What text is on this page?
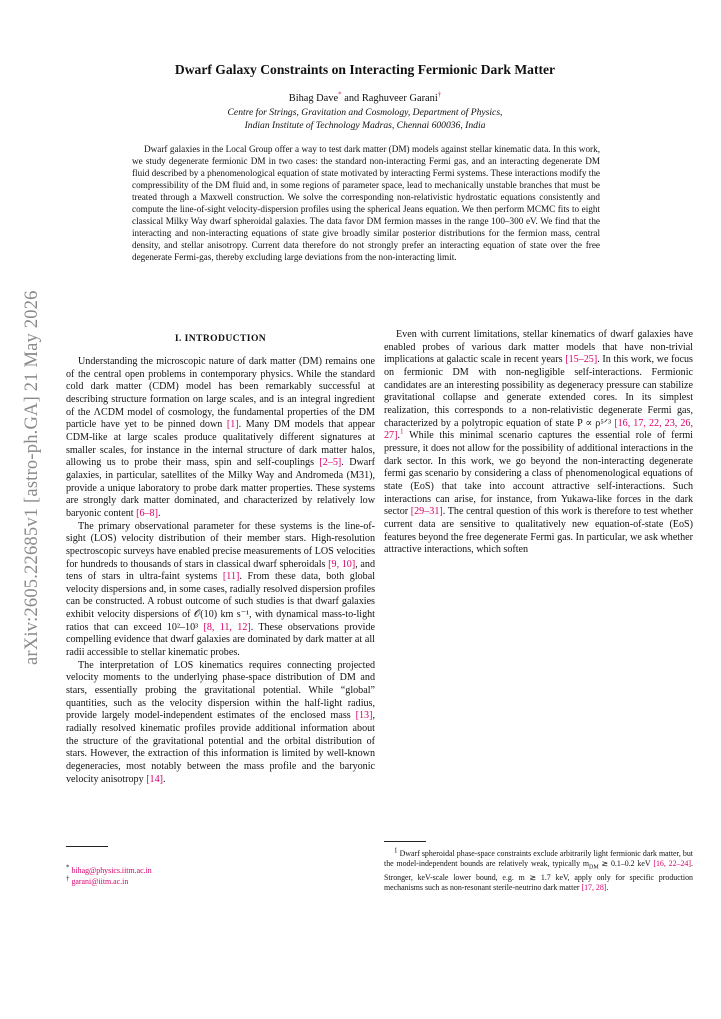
arXiv:2605.22685v1 [astro-ph.GA] 21 May 2026
Dwarf Galaxy Constraints on Interacting Fermionic Dark Matter
Bihag Dave* and Raghuveer Garani†
Centre for Strings, Gravitation and Cosmology, Department of Physics,
Indian Institute of Technology Madras, Chennai 600036, India
Dwarf galaxies in the Local Group offer a way to test dark matter (DM) models against stellar kinematic data. In this work, we study degenerate fermionic DM in two cases: the standard non-interacting Fermi gas, and an interacting degenerate DM fluid described by a phenomenological equation of state motivated by interacting Fermi systems. These interactions modify the compressibility of the DM fluid and, in some regions of parameter space, lead to mechanically unstable branches that must be treated through a Maxwell construction. We solve the corresponding non-relativistic hydrostatic equations consistently and compute the line-of-sight velocity-dispersion profiles using the spherical Jeans equation. We then perform MCMC fits to eight classical Milky Way dwarf spheroidal galaxies. The data favor DM fermion masses in the range 100–300 eV. We find that the interacting and non-interacting equations of state give broadly similar posterior distributions for the fermion mass, central density, and stellar anisotropy. Current data therefore do not strongly prefer an interacting equation of state over the free degenerate Fermi-gas, thereby excluding large deviations from the non-interacting limit.
I. INTRODUCTION

Understanding the microscopic nature of dark matter (DM) remains one of the central open problems in contemporary physics. While the standard cold dark matter (CDM) model has been remarkably successful at describing structure formation on large scales, and is an integral ingredient of the ΛCDM model of cosmology, the fundamental properties of the DM particle have yet to be pinned down [1]. Many DM models that appear CDM-like at large scales produce qualitatively different signatures at smaller scales, for instance in the internal structure of dark matter halos, allowing us to probe their mass, spin and self-couplings [2–5]. Dwarf galaxies, in particular, satellites of the Milky Way and Andromeda (M31), provide a unique laboratory to probe dark matter properties. These systems are strongly dark matter dominated, and characterized by relatively low baryonic content [6–8].

The primary observational parameter for these systems is the line-of-sight (LOS) velocity distribution of their member stars. High-resolution spectroscopic surveys have enabled precise measurements of LOS velocities for hundreds to thousands of stars in classical dwarf spheroidals [9, 10], and tens of stars in ultra-faint systems [11]. From these data, both global velocity dispersions and, in some cases, radially resolved dispersion profiles can be constructed. A robust outcome of such studies is that dwarf galaxies exhibit velocity dispersions of 𝒪(10) km s⁻¹, with dynamical mass-to-light ratios that can exceed 10²–10³ [8, 11, 12]. These observations provide compelling evidence that dwarf galaxies are dominated by dark matter at all radii accessible to stellar kinematic probes.

The interpretation of LOS kinematics requires connecting projected velocity moments to the underlying phase-space distribution of DM and stars, essentially probing the gravitational potential. While “global” quantities, such as the velocity dispersion within the half-light radius, provide largely model-independent estimates of the enclosed mass [13], radially resolved kinematic profiles provide additional information about the structure of the gravitational potential and the orbital distribution of stars. However, the extraction of this information is limited by well-known degeneracies, most notably between the mass profile and the baryonic velocity anisotropy [14].

Even with current limitations, stellar kinematics of dwarf galaxies have enabled probes of various dark matter models that have non-trivial implications at galactic scale in recent years [15–25]. In this work, we focus on fermionic DM with non-negligible self-interactions. Fermionic candidates are an interesting possibility as degeneracy pressure can stabilize gravitational collapse and generate extended cores. In its simplest realization, this corresponds to a non-relativistic degenerate Fermi gas, characterized by a polytropic equation of state P ∝ ρ⁵ᐟ³ [16, 17, 22, 23, 26, 27].$^1$ While this minimal scenario captures the essential role of fermi pressure, it does not allow for the possibility of additional interactions in the dark sector. In this work, we go beyond the non-interacting degenerate fermi gas scenario by considering a class of phenomenological equations of state (EoS) that take into account attractive self-interactions. Such interactions can arise, for instance, from Yukawa-like forces in the dark sector [29–31]. The central question of this work is therefore to test whether current data are sensitive to qualitatively new equation-of-state (EoS) features beyond the free degenerate Fermi gas. In particular, we ask whether attractive interactions, which soften

* bihag@physics.iitm.ac.in
† garani@iitm.ac.in

1 Dwarf spheroidal phase-space constraints exclude arbitrarily light fermionic dark matter, but the model-independent bounds are relatively weak, typically $m_{DM}$ ≳ 0.1–0.2 keV [16, 22–24]. Stronger, keV-scale lower bound, e.g. m ≳ 1.7 keV, apply only for specific production mechanisms such as non-resonant sterile-neutrino dark matter [17, 28].
